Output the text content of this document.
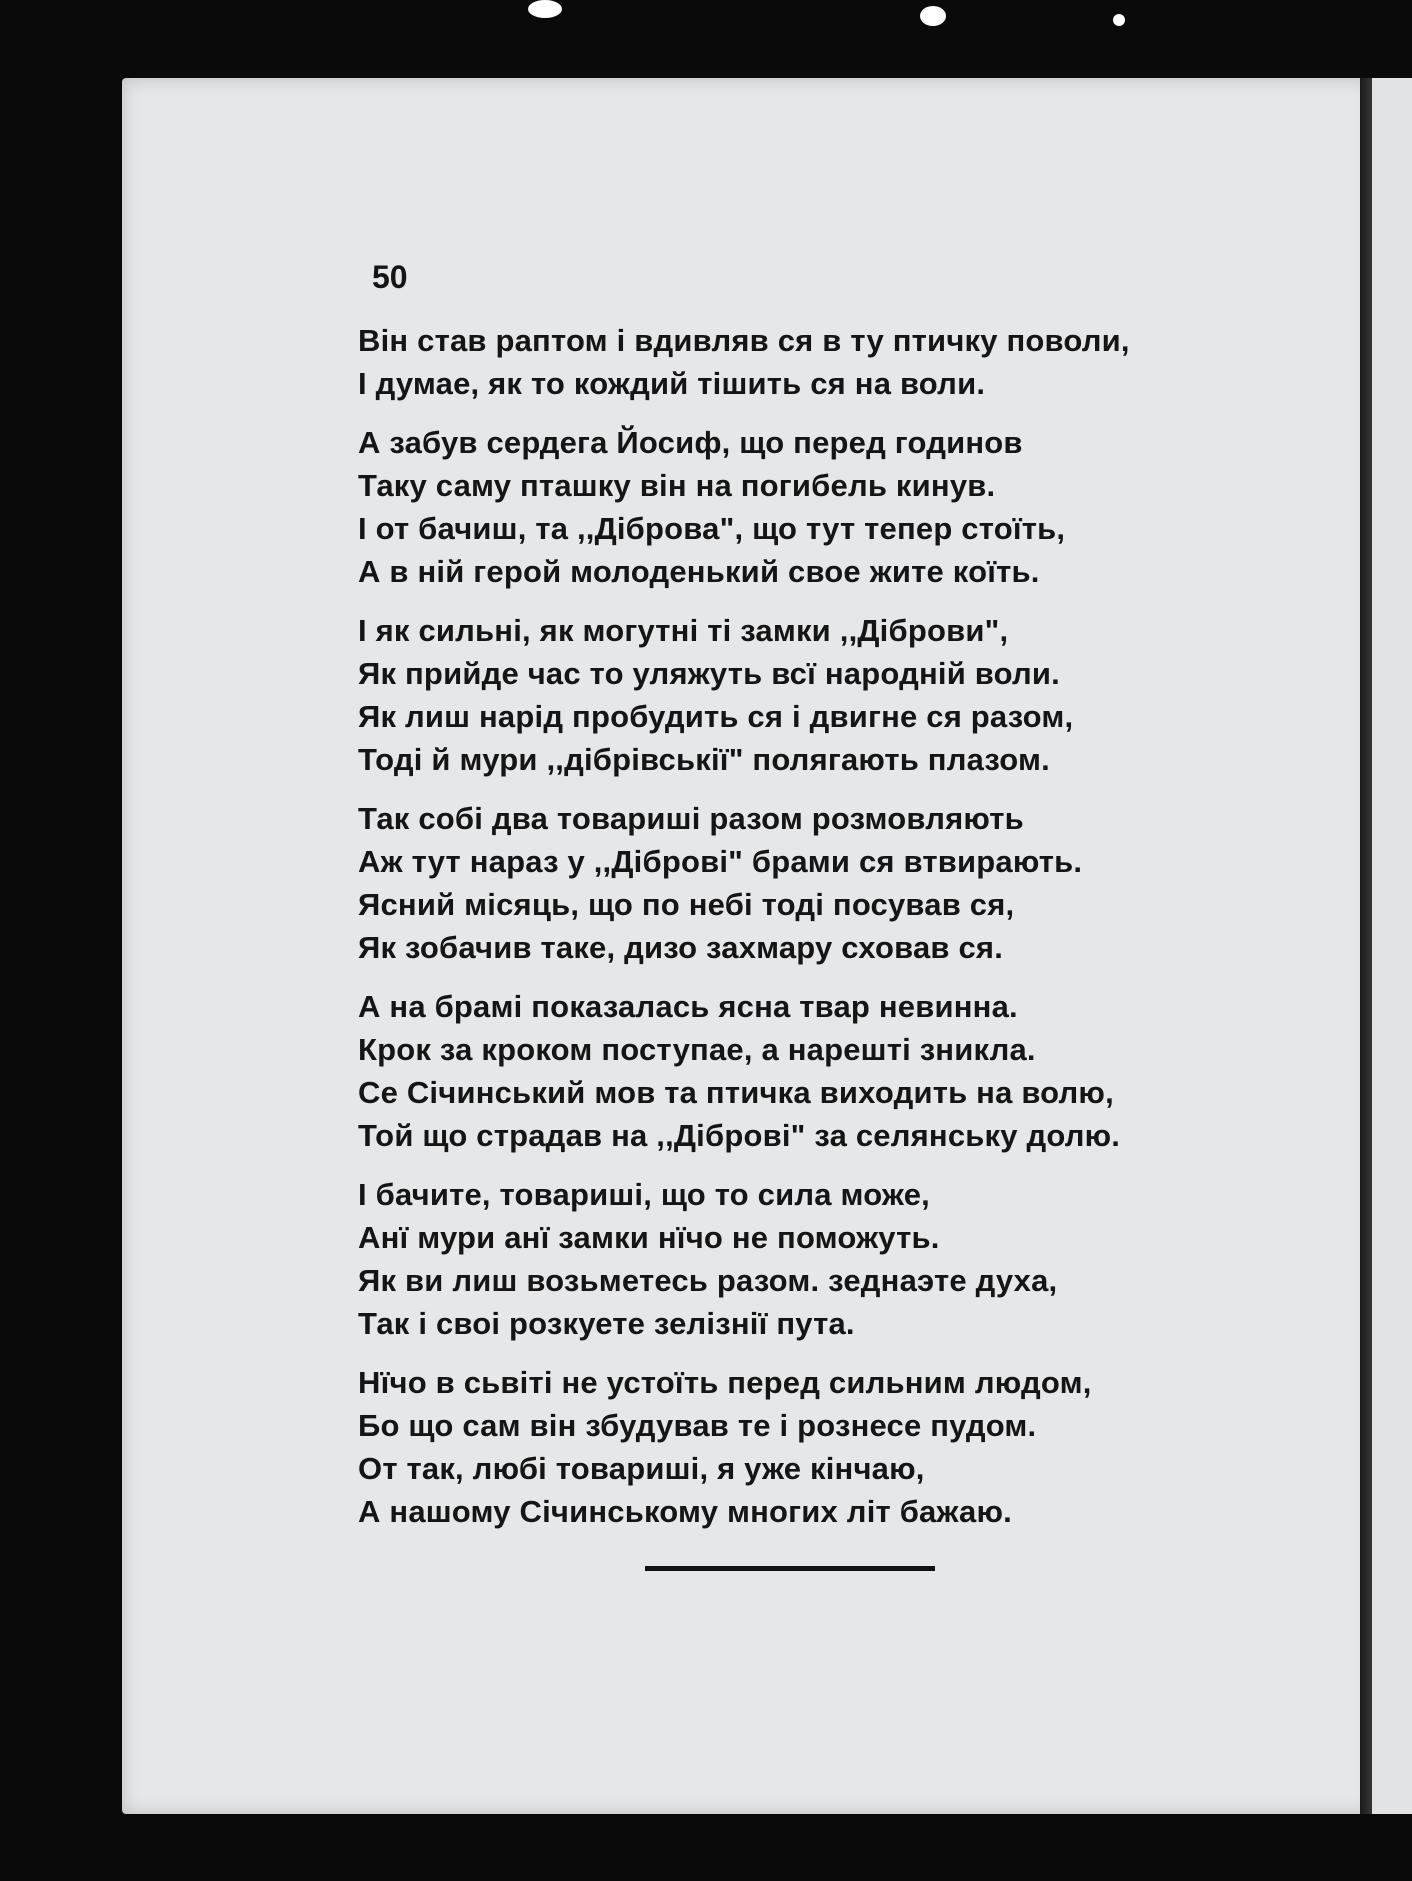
50
Він став раптом і вдивляв ся в ту птичку поволи,
І думае, як то кождий тішить ся на воли.
А забув сердега Йосиф, що перед годинов
Таку саму пташку він на погибель кинув.
І от бачиш, та ,,Діброва", що тут тепер стоїть,
А в ній герой молоденький свое жите коїть.
І як сильні, як могутні ті замки ,,Діброви",
Як прийде час то уляжуть всї народній воли.
Як лиш нарід пробудить ся і двигне ся разом,
Тоді й мури ,,дібрівськії" полягають плазом.
Так собі два товариші разом розмовляють
Аж тут нараз у ,,Діброві" брами ся втвирають.
Ясний місяць, що по небі тоді посував ся,
Як зобачив таке, дизо захмару сховав ся.
А на брамі показалась ясна твар невинна.
Крок за кроком поступае, а нарешті зникла.
Се Січинський мов та птичка виходить на волю,
Той що страдав на ,,Діброві" за селянську долю.
І бачите, товариші, що то сила може,
Анї мури анї замки нїчо не поможуть.
Як ви лиш возьметесь разом. зеднаэте духа,
Так і своі розкуете зелізнії пута.
Нїчо в сьвіті не устоїть перед сильним людом,
Бо що сам він збудував те і рознесе пудом.
От так, любі товариші, я уже кінчаю,
А нашому Січинському многих літ бажаю.
